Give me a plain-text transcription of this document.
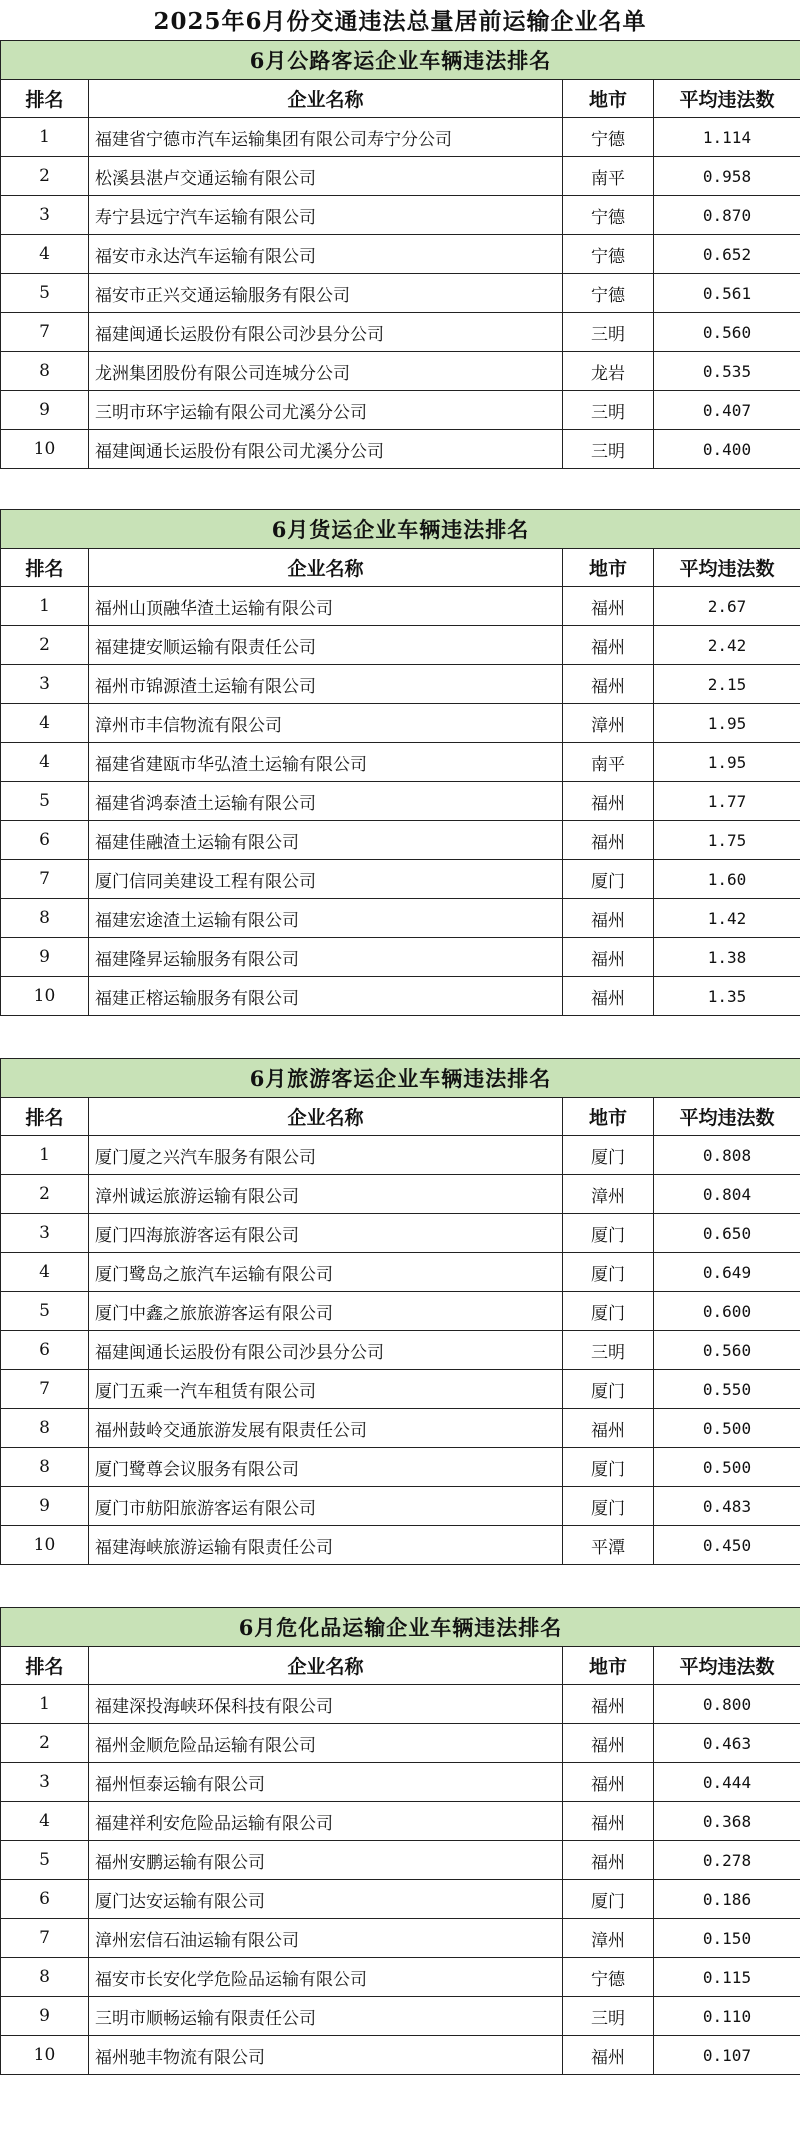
2025年6月份交通违法总量居前运输企业名单
6月公路客运企业车辆违法排名			
排名	企业名称	地市	平均违法数
1	福建省宁德市汽车运输集团有限公司寿宁分公司	宁德	1.114
2	松溪县湛卢交通运输有限公司	南平	0.958
3	寿宁县远宁汽车运输有限公司	宁德	0.870
4	福安市永达汽车运输有限公司	宁德	0.652
5	福安市正兴交通运输服务有限公司	宁德	0.561
7	福建闽通长运股份有限公司沙县分公司	三明	0.560
8	龙洲集团股份有限公司连城分公司	龙岩	0.535
9	三明市环宇运输有限公司尤溪分公司	三明	0.407
10	福建闽通长运股份有限公司尤溪分公司	三明	0.400
6月货运企业车辆违法排名			
排名	企业名称	地市	平均违法数
1	福州山顶融华渣土运输有限公司	福州	2.67
2	福建捷安顺运输有限责任公司	福州	2.42
3	福州市锦源渣土运输有限公司	福州	2.15
4	漳州市丰信物流有限公司	漳州	1.95
4	福建省建瓯市华弘渣土运输有限公司	南平	1.95
5	福建省鸿泰渣土运输有限公司	福州	1.77
6	福建佳融渣土运输有限公司	福州	1.75
7	厦门信同美建设工程有限公司	厦门	1.60
8	福建宏途渣土运输有限公司	福州	1.42
9	福建隆昇运输服务有限公司	福州	1.38
10	福建正榕运输服务有限公司	福州	1.35
6月旅游客运企业车辆违法排名			
排名	企业名称	地市	平均违法数
1	厦门厦之兴汽车服务有限公司	厦门	0.808
2	漳州诚运旅游运输有限公司	漳州	0.804
3	厦门四海旅游客运有限公司	厦门	0.650
4	厦门鹭岛之旅汽车运输有限公司	厦门	0.649
5	厦门中鑫之旅旅游客运有限公司	厦门	0.600
6	福建闽通长运股份有限公司沙县分公司	三明	0.560
7	厦门五乘一汽车租赁有限公司	厦门	0.550
8	福州鼓岭交通旅游发展有限责任公司	福州	0.500
8	厦门鹭尊会议服务有限公司	厦门	0.500
9	厦门市舫阳旅游客运有限公司	厦门	0.483
10	福建海峡旅游运输有限责任公司	平潭	0.450
6月危化品运输企业车辆违法排名			
排名	企业名称	地市	平均违法数
1	福建深投海峡环保科技有限公司	福州	0.800
2	福州金顺危险品运输有限公司	福州	0.463
3	福州恒泰运输有限公司	福州	0.444
4	福建祥利安危险品运输有限公司	福州	0.368
5	福州安鹏运输有限公司	福州	0.278
6	厦门达安运输有限公司	厦门	0.186
7	漳州宏信石油运输有限公司	漳州	0.150
8	福安市长安化学危险品运输有限公司	宁德	0.115
9	三明市顺畅运输有限责任公司	三明	0.110
10	福州驰丰物流有限公司	福州	0.107
